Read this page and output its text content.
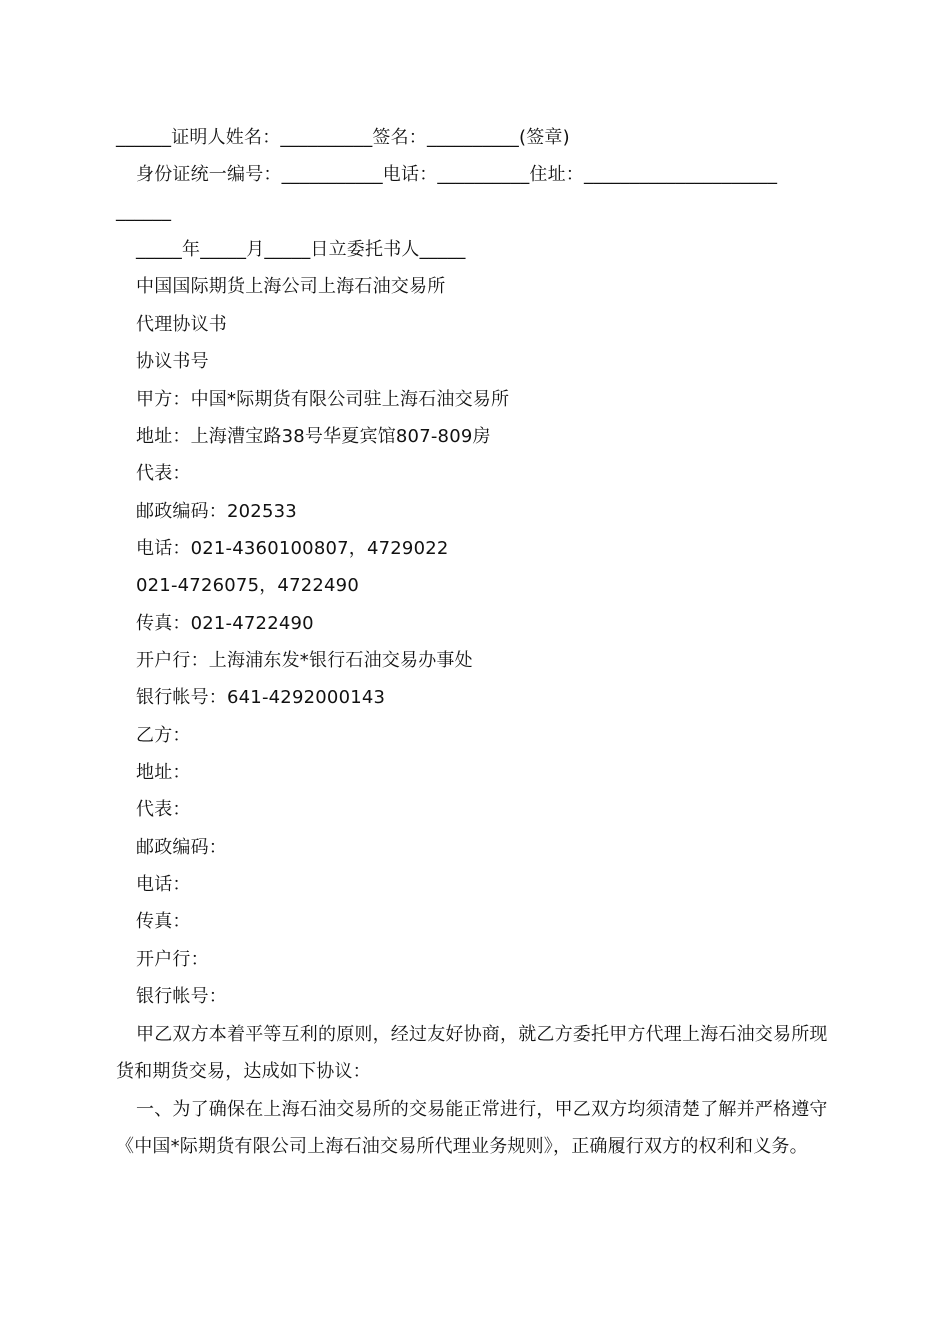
______证明人姓名：__________签名：__________(签章)
身份证统一编号：___________电话：__________住址：_____________________
______
_____年_____月_____日立委托书人_____
中国国际期货上海公司上海石油交易所
代理协议书
协议书号
甲方：中国*际期货有限公司驻上海石油交易所
地址：上海漕宝路38号华夏宾馆807-809房
代表：
邮政编码：202533
电话：021-4360100807，4729022
021-4726075，4722490
传真：021-4722490
开户行：上海浦东发*银行石油交易办事处
银行帐号：641-4292000143
乙方：
地址：
代表：
邮政编码：
电话：
传真：
开户行：
银行帐号：
甲乙双方本着平等互利的原则，经过友好协商，就乙方委托甲方代理上海石油交易所现货和期货交易，达成如下协议：
一、为了确保在上海石油交易所的交易能正常进行，甲乙双方均须清楚了解并严格遵守《中国*际期货有限公司上海石油交易所代理业务规则》，正确履行双方的权利和义务。
